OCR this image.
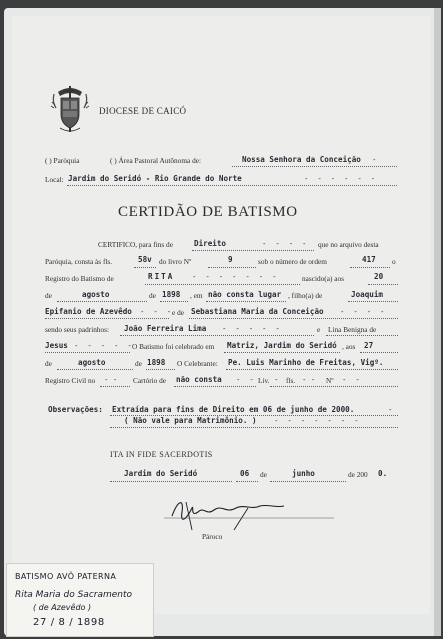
DIOCESE DE CAICÓ
( ) Paróquia	( ) Área Pastoral Autônoma de:	Nossa Senhora da Conceição -
Local: Jardim do Seridó - Rio Grande do Norte	-  -  -  -  -  -
CERTIDÃO DE BATISMO
CERTIFICO, para fins de	Direito	-  -  -  - que no arquivo desta
Paróquia, consta às fls.	58v do livro Nº	9	sob o número de ordem	417 o
Registro do Batismo de	RITA -  -  -  -  -  -  -	nascido(a) aos	20
de	agosto	de 1898 , em não consta lugar , filho(a) de	Joaquim
Epifanio de Azevêdo -  -  - e de Sebastiana Maria da Conceição -  -  -  -
sendo seus padrinhos: João Ferreira Lima -  -  -  -  -	e Lina Benigna de
Jesus -  -  -  -  - O Batismo foi celebrado em Matriz, Jardim do Seridó , aos 27
de	agosto	de 1898 O Celebrante: Pe. Luis Marinho de Freitas, Vigº.
Registro Civil no - - Cartório de não consta -  - Liv. - fls. - - Nº -  -
Observações: Extraída para fins de Direito em 06 de junho de 2000.	-
( Não vale para Matrimônio. ) -  -  -  -  -  -  -
ITA IN FIDE SACERDOTIS
Jardim do Seridó	06 de	junho	de 200 0.
Pároco
BATISMO AVÔ PATERNA
Rita Maria do Sacramento
( de Azevêdo )
27 / 8 / 1898
